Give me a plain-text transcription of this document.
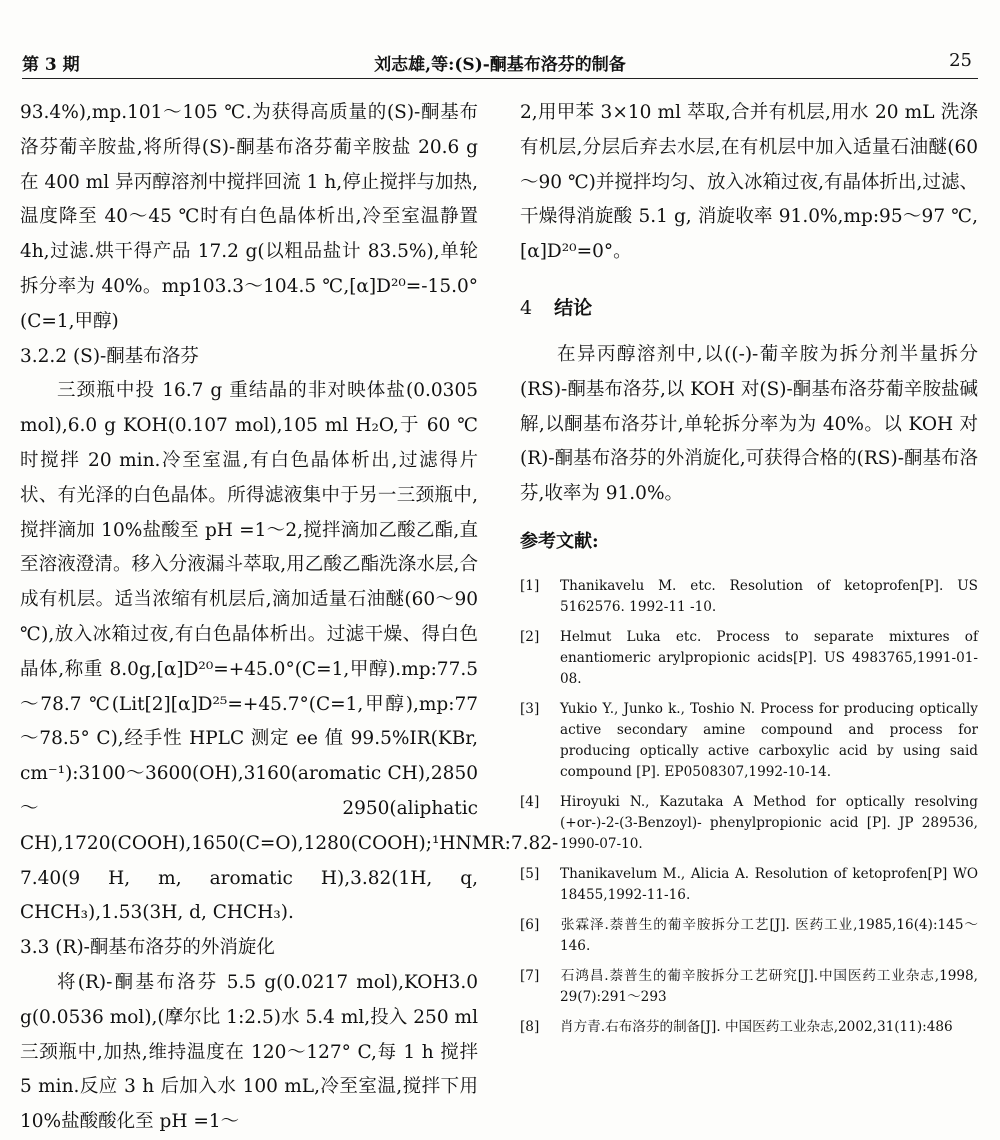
第 3 期	刘志雄,等:(S)-酮基布洛芬的制备	25

93.4%),mp.101～105 ℃.为获得高质量的(S)-酮基布洛芬葡辛胺盐,将所得(S)-酮基布洛芬葡辛胺盐 20.6 g 在 400 ml 异丙醇溶剂中搅拌回流 1 h,停止搅拌与加热,温度降至 40～45 ℃时有白色晶体析出,冷至室温静置 4h,过滤.烘干得产品 17.2 g(以粗品盐计 83.5%),单轮拆分率为 40%。mp103.3～104.5 ℃,[α]D²⁰=-15.0°(C=1,甲醇)

3.2.2 (S)-酮基布洛芬

三颈瓶中投 16.7 g 重结晶的非对映体盐(0.0305 mol),6.0 g KOH(0.107 mol),105 ml H₂O,于 60 ℃时搅拌 20 min.冷至室温,有白色晶体析出,过滤得片状、有光泽的白色晶体。所得滤液集中于另一三颈瓶中,搅拌滴加 10%盐酸至 pH =1～2,搅拌滴加乙酸乙酯,直至溶液澄清。移入分液漏斗萃取,用乙酸乙酯洗涤水层,合成有机层。适当浓缩有机层后,滴加适量石油醚(60～90 ℃),放入冰箱过夜,有白色晶体析出。过滤干燥、得白色晶体,称重 8.0g,[α]D²⁰=+45.0°(C=1,甲醇).mp:77.5～78.7 ℃(Lit[2][α]D²⁵=+45.7°(C=1,甲醇),mp:77～78.5° C),经手性 HPLC 测定 ee 值 99.5%IR(KBr, cm⁻¹):3100～3600(OH),3160(aromatic CH),2850～2950(aliphatic CH),1720(COOH),1650(C=O),1280(COOH);¹HNMR:7.82-7.40(9 H, m, aromatic H),3.82(1H, q, CHCH₃),1.53(3H, d, CHCH₃).

3.3 (R)-酮基布洛芬的外消旋化

将(R)-酮基布洛芬 5.5 g(0.0217 mol),KOH3.0 g(0.0536 mol),(摩尔比 1:2.5)水 5.4 ml,投入 250 ml 三颈瓶中,加热,维持温度在 120～127° C,每 1 h 搅拌 5 min.反应 3 h 后加入水 100 mL,冷至室温,搅拌下用 10%盐酸酸化至 pH =1～

2,用甲苯 3×10 ml 萃取,合并有机层,用水 20 mL 洗涤有机层,分层后弃去水层,在有机层中加入适量石油醚(60～90 ℃)并搅拌均匀、放入冰箱过夜,有晶体折出,过滤、干燥得消旋酸 5.1 g, 消旋收率 91.0%,mp:95～97 ℃,[α]D²⁰=0°。

4 结论

在异丙醇溶剂中,以((-)-葡辛胺为拆分剂半量拆分(RS)-酮基布洛芬,以 KOH 对(S)-酮基布洛芬葡辛胺盐碱解,以酮基布洛芬计,单轮拆分率为为 40%。以 KOH 对(R)-酮基布洛芬的外消旋化,可获得合格的(RS)-酮基布洛芬,收率为 91.0%。

参考文献:

[1] Thanikavelu M. etc. Resolution of ketoprofen[P]. US 5162576. 1992-11 -10.

[2] Helmut Luka etc. Process to separate mixtures of enantiomeric arylpropionic acids[P]. US 4983765,1991-01-08.

[3] Yukio Y., Junko k., Toshio N. Process for producing optically active secondary amine compound and process for producing optically active carboxylic acid by using said compound [P]. EP0508307,1992-10-14.

[4] Hiroyuki N., Kazutaka A Method for optically resolving (+or-)-2-(3-Benzoyl)- phenylpropionic acid [P]. JP 289536, 1990-07-10.

[5] Thanikavelum M., Alicia A. Resolution of ketoprofen[P] WO 18455,1992-11-16.

[6] 张霖泽.萘普生的葡辛胺拆分工艺[J]. 医药工业,1985,16(4):145～146.

[7] 石鸿昌.萘普生的葡辛胺拆分工艺研究[J].中国医药工业杂志,1998, 29(7):291～293

[8] 肖方青.右布洛芬的制备[J]. 中国医药工业杂志,2002,31(11):486
